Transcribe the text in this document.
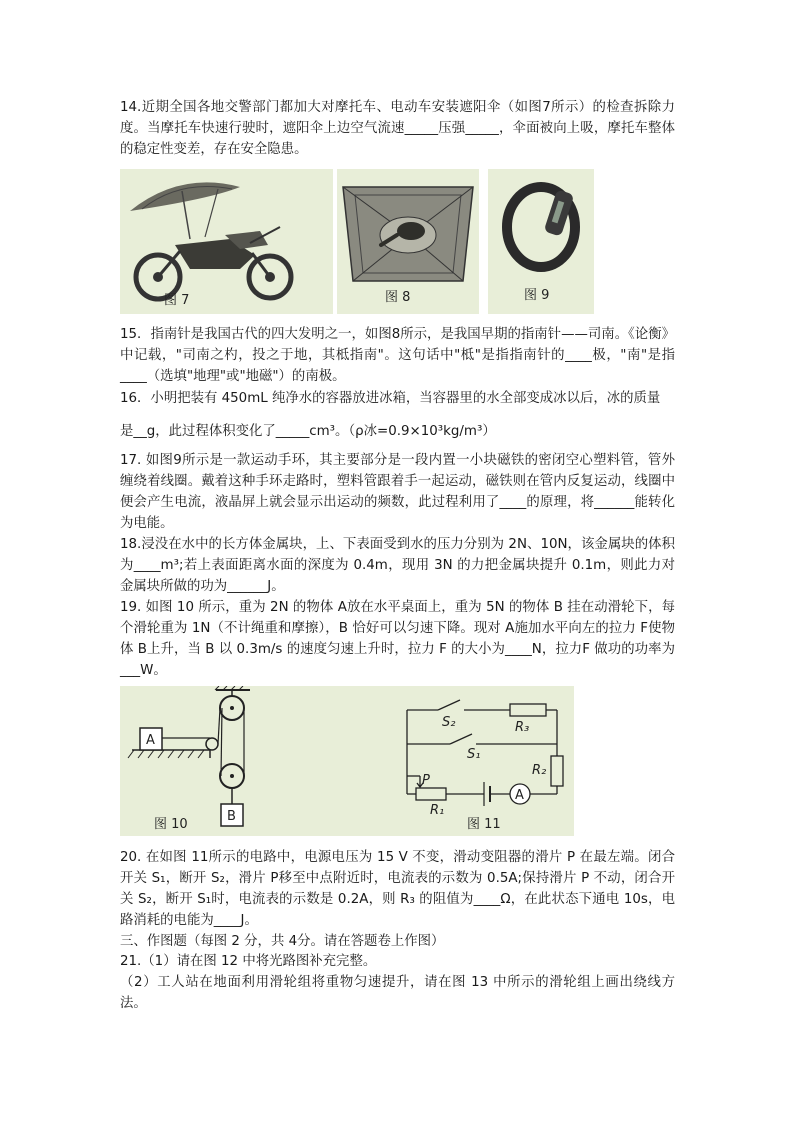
14.近期全国各地交警部门都加大对摩托车、电动车安装遮阳伞（如图7所示）的检查拆除力度。当摩托车快速行驶时，遮阳伞上边空气流速_____压强_____，伞面被向上吸，摩托车整体的稳定性变差，存在安全隐患。

图 7	图 8	图 9

15．指南针是我国古代的四大发明之一，如图8所示，是我国早期的指南针——司南。《论衡》中记载，"司南之杓，投之于地，其柢指南"。这句话中"柢"是指指南针的____极，"南"是指____（选填"地理"或"地磁"）的南极。

16．小明把装有 450mL 纯净水的容器放进冰箱，当容器里的水全部变成冰以后，冰的质量

是__g，此过程体积变化了_____cm³。（ρ冰=0.9×10³kg/m³）

17. 如图9所示是一款运动手环，其主要部分是一段内置一小块磁铁的密闭空心塑料管，管外缠绕着线圈。戴着这种手环走路时，塑料管跟着手一起运动，磁铁则在管内反复运动，线圈中便会产生电流，液晶屏上就会显示出运动的频数，此过程利用了____的原理，将______能转化为电能。

18.浸没在水中的长方体金属块，上、下表面受到水的压力分别为 2N、10N，该金属块的体积为____m³;若上表面距离水面的深度为 0.4m，现用 3N 的力把金属块提升 0.1m，则此力对金属块所做的功为______J。

19. 如图 10 所示，重为 2N 的物体 A放在水平桌面上，重为 5N 的物体 B 挂在动滑轮下，每个滑轮重为 1N（不计绳重和摩擦），B 恰好可以匀速下降。现对 A施加水平向左的拉力 F使物体 B上升，当 B 以 0.3m/s 的速度匀速上升时，拉力 F 的大小为____N，拉力F 做功的功率为___W。

A
B
图 10
S₂	R₃
S₁
R₂
P
R₁
A
图 11

20. 在如图 11所示的电路中，电源电压为 15 V 不变，滑动变阻器的滑片 P 在最左端。闭合开关 S₁，断开 S₂，滑片 P移至中点附近时，电流表的示数为 0.5A;保持滑片 P 不动，闭合开关 S₂，断开 S₁时，电流表的示数是 0.2A，则 R₃ 的阻值为____Ω，在此状态下通电 10s，电路消耗的电能为____J。

三、作图题（每图 2 分，共 4分。请在答题卷上作图）

21.（1）请在图 12 中将光路图补充完整。

（2）工人站在地面利用滑轮组将重物匀速提升，请在图 13 中所示的滑轮组上画出绕线方法。
